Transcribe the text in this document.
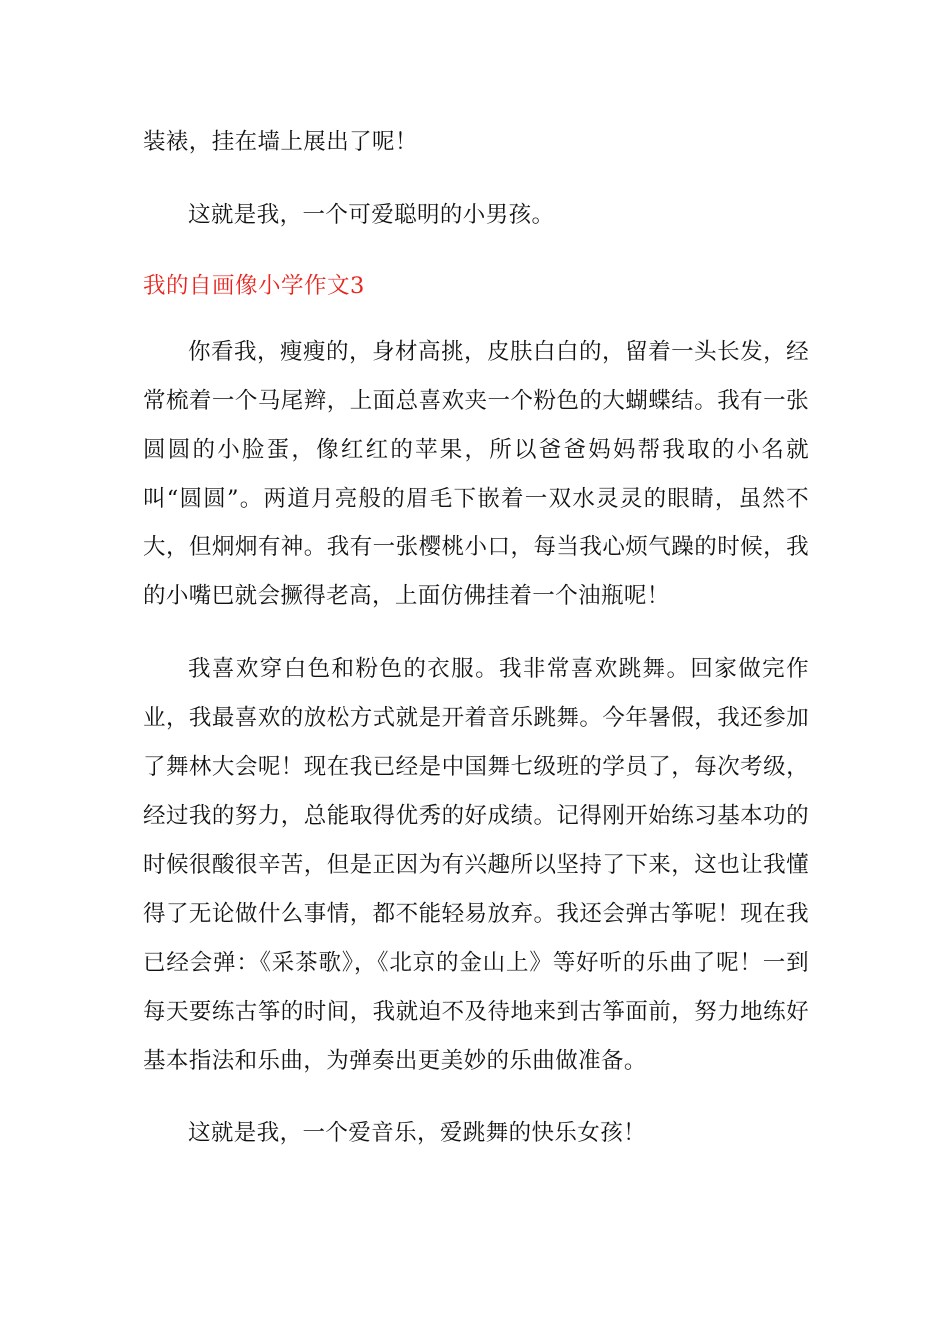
装裱，挂在墙上展出了呢！

这就是我，一个可爱聪明的小男孩。

我的自画像小学作文3

你看我，瘦瘦的，身材高挑，皮肤白白的，留着一头长发，经常梳着一个马尾辫，上面总喜欢夹一个粉色的大蝴蝶结。我有一张圆圆的小脸蛋，像红红的苹果，所以爸爸妈妈帮我取的小名就叫“圆圆”。两道月亮般的眉毛下嵌着一双水灵灵的眼睛，虽然不大，但炯炯有神。我有一张樱桃小口，每当我心烦气躁的时候，我的小嘴巴就会撅得老高，上面仿佛挂着一个油瓶呢！

我喜欢穿白色和粉色的衣服。我非常喜欢跳舞。回家做完作业，我最喜欢的放松方式就是开着音乐跳舞。今年暑假，我还参加了舞林大会呢！现在我已经是中国舞七级班的学员了，每次考级，经过我的努力，总能取得优秀的好成绩。记得刚开始练习基本功的时候很酸很辛苦，但是正因为有兴趣所以坚持了下来，这也让我懂得了无论做什么事情，都不能轻易放弃。我还会弹古筝呢！现在我已经会弹：《采茶歌》，《北京的金山上》等好听的乐曲了呢！一到每天要练古筝的时间，我就迫不及待地来到古筝面前，努力地练好基本指法和乐曲，为弹奏出更美妙的乐曲做准备。

这就是我，一个爱音乐，爱跳舞的快乐女孩！
